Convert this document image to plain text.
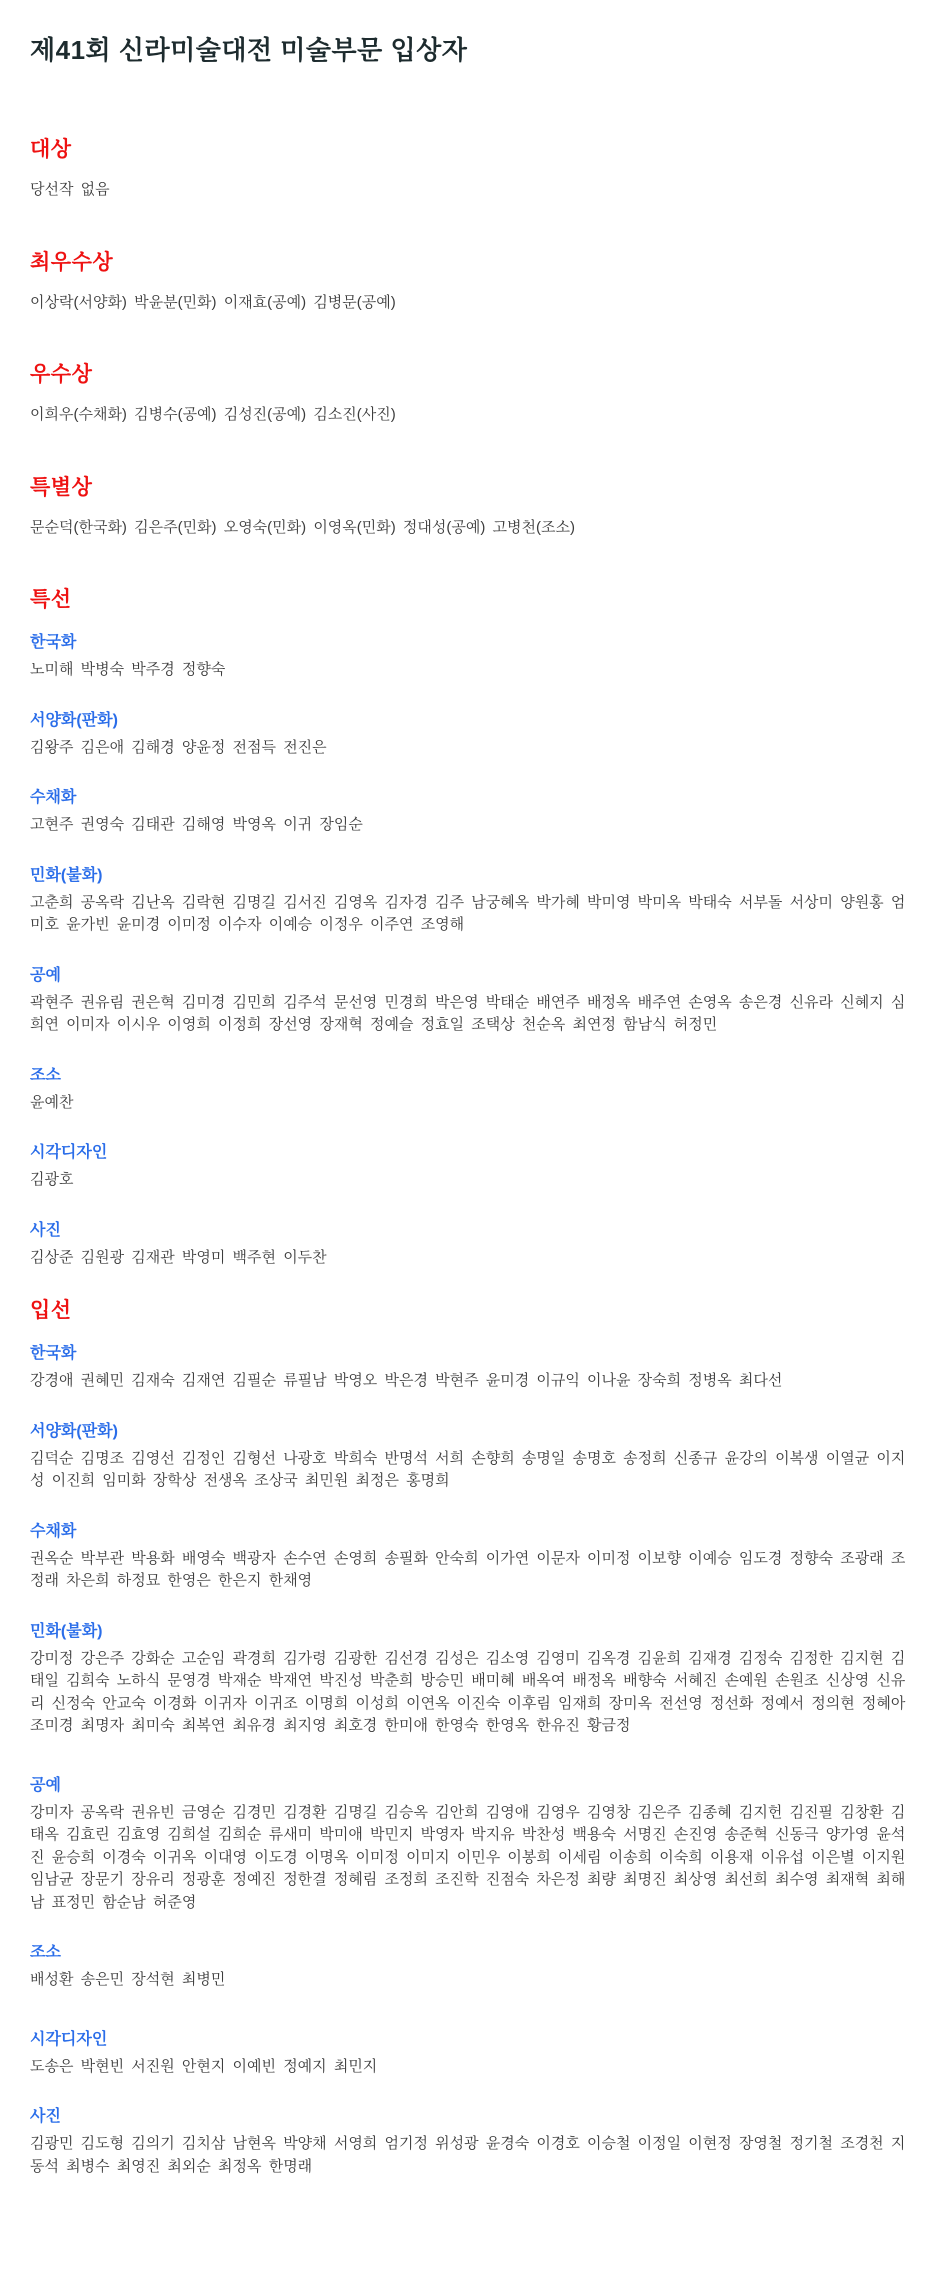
제41회 신라미술대전 미술부문 입상자
대상

당선작 없음

최우수상

이상락(서양화) 박윤분(민화) 이재효(공예) 김병문(공예)

우수상

이희우(수채화) 김병수(공예) 김성진(공예) 김소진(사진)

특별상

문순덕(한국화) 김은주(민화) 오영숙(민화) 이영옥(민화) 정대성(공예) 고병천(조소)

특선
한국화

노미해 박병숙 박주경 정향숙

서양화(판화)

김왕주 김은애 김해경 양윤정 전점득 전진은

수채화

고현주 권영숙 김태관 김해영 박영옥 이귀 장임순

민화(불화)

고춘희 공옥락 김난옥 김락현 김명길 김서진 김영옥 김자경 김주 남궁혜옥 박가혜 박미영 박미옥 박태숙 서부돌 서상미 양원홍 엄미호 윤가빈 윤미경 이미정 이수자 이예승 이정우 이주연 조영해

공예

곽현주 권유림 권은혁 김미경 김민희 김주석 문선영 민경희 박은영 박태순 배연주 배정옥 배주연 손영옥 송은경 신유라 신혜지 심희연 이미자 이시우 이영희 이정희 장선영 장재혁 정예슬 정효일 조택상 천순옥 최연정 함남식 허정민

조소

윤예찬

시각디자인

김광호

사진

김상준 김원광 김재관 박영미 백주현 이두찬

입선
한국화

강경애 권혜민 김재숙 김재연 김필순 류필남 박영오 박은경 박현주 윤미경 이규익 이나윤 장숙희 정병옥 최다선

서양화(판화)

김덕순 김명조 김영선 김정인 김형선 나광호 박희숙 반명석 서희 손향희 송명일 송명호 송정희 신종규 윤강의 이복생 이열균 이지성 이진희 임미화 장학상 전생옥 조상국 최민원 최정은 홍명희

수채화

권옥순 박부관 박용화 배영숙 백광자 손수연 손영희 송필화 안숙희 이가연 이문자 이미정 이보향 이예승 임도경 정향숙 조광래 조정래 차은희 하정묘 한영은 한은지 한채영

민화(불화)

강미정 강은주 강화순 고순임 곽경희 김가령 김광한 김선경 김성은 김소영 김영미 김옥경 김윤희 김재경 김정숙 김정한 김지현 김태일 김희숙 노하식 문영경 박재순 박재연 박진성 박춘희 방승민 배미혜 배옥여 배정옥 배향숙 서혜진 손예원 손원조 신상영 신유리 신정숙 안교숙 이경화 이귀자 이귀조 이명희 이성희 이연옥 이진숙 이후림 임재희 장미옥 전선영 정선화 정예서 정의현 정혜아 조미경 최명자 최미숙 최복연 최유경 최지영 최호경 한미애 한영숙 한영옥 한유진 황금정

공예

강미자 공옥락 권유빈 금영순 김경민 김경환 김명길 김승옥 김안희 김영애 김영우 김영창 김은주 김종혜 김지헌 김진필 김창환 김태옥 김효린 김효영 김희설 김희순 류새미 박미애 박민지 박영자 박지유 박찬성 백용숙 서명진 손진영 송준혁 신동극 양가영 윤석진 윤승희 이경숙 이귀옥 이대영 이도경 이명옥 이미정 이미지 이민우 이봉희 이세림 이송희 이숙희 이용재 이유섭 이은별 이지원 임남균 장문기 장유리 정광훈 정예진 정한결 정혜림 조정희 조진학 진점숙 차은정 최량 최명진 최상영 최선희 최수영 최재혁 최해남 표정민 함순남 허준영

조소

배성환 송은민 장석현 최병민

시각디자인

도송은 박현빈 서진원 안현지 이예빈 정예지 최민지

사진

김광민 김도형 김의기 김치삼 남현옥 박양채 서영희 엄기정 위성광 윤경숙 이경호 이승철 이정일 이현정 장영철 정기철 조경천 지동석 최병수 최영진 최외순 최정옥 한명래
